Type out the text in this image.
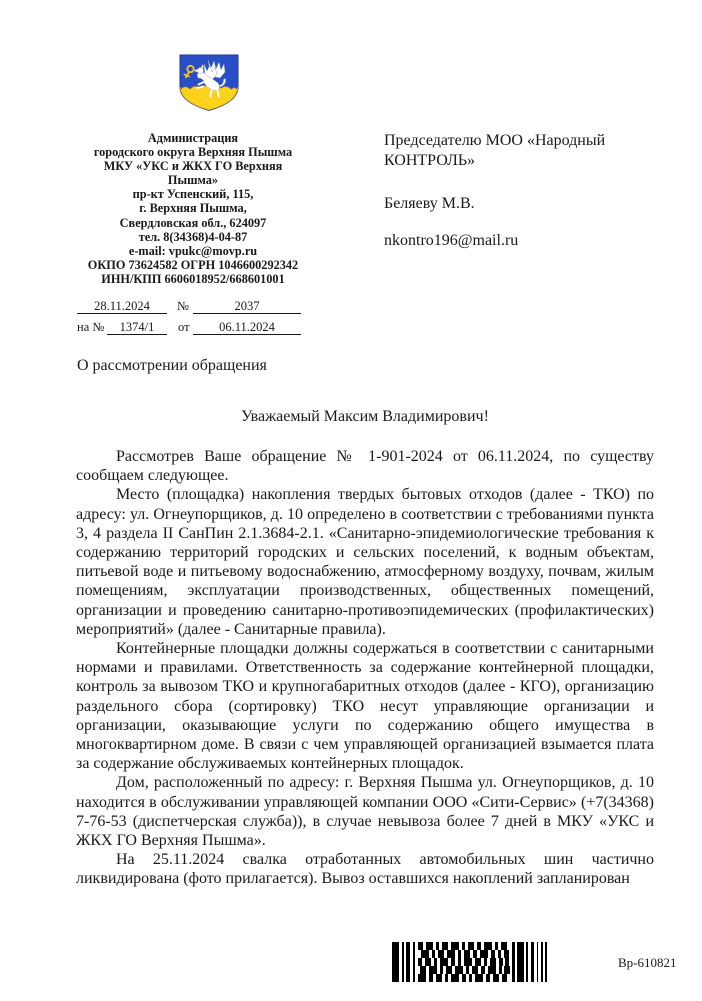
Администрация
городского округа Верхняя Пышма
МКУ «УКС и ЖКХ ГО Верхняя
Пышма»
пр-кт Успенский, 115,
г. Верхняя Пышма,
Свердловская обл., 624097
тел. 8(34368)4-04-87
e-mail: vpukc@movp.ru
ОКПО 73624582 ОГРН 1046600292342
ИНН/КПП 6606018952/668601001
Председателю МОО «Народный КОНТРОЛЬ»
Беляеву М.В.
nkontro196@mail.ru
28.11.2024	№	2037
на №	1374/1	от	06.11.2024
О рассмотрении обращения
Уважаемый Максим Владимирович!

Рассмотрев Ваше обращение № 1-901-2024 от 06.11.2024, по существу сообщаем следующее.

Место (площадка) накопления твердых бытовых отходов (далее - ТКО) по адресу: ул. Огнеупорщиков, д. 10 определено в соответствии с требованиями пункта 3, 4 раздела II СанПин 2.1.3684-2.1. «Санитарно-эпидемиологические требования к содержанию территорий городских и сельских поселений, к водным объектам, питьевой воде и питьевому водоснабжению, атмосферному воздуху, почвам, жилым помещениям, эксплуатации производственных, общественных помещений, организации и проведению санитарно-противоэпидемических (профилактических) мероприятий» (далее - Санитарные правила).

Контейнерные площадки должны содержаться в соответствии с санитарными нормами и правилами. Ответственность за содержание контейнерной площадки, контроль за вывозом ТКО и крупногабаритных отходов (далее - КГО), организацию раздельного сбора (сортировку) ТКО несут управляющие организации и организации, оказывающие услуги по содержанию общего имущества в многоквартирном доме. В связи с чем управляющей организацией взымается плата за содержание обслуживаемых контейнерных площадок.

Дом, расположенный по адресу: г. Верхняя Пышма ул. Огнеупорщиков, д. 10 находится в обслуживании управляющей компании ООО «Сити-Сервис» (+7(34368) 7-76-53 (диспетчерская служба)), в случае невывоза более 7 дней в МКУ «УКС и ЖКХ ГО Верхняя Пышма».

На 25.11.2024 свалка отработанных автомобильных шин частично ликвидирована (фото прилагается). Вывоз оставшихся накоплений запланирован

Вр-610821
